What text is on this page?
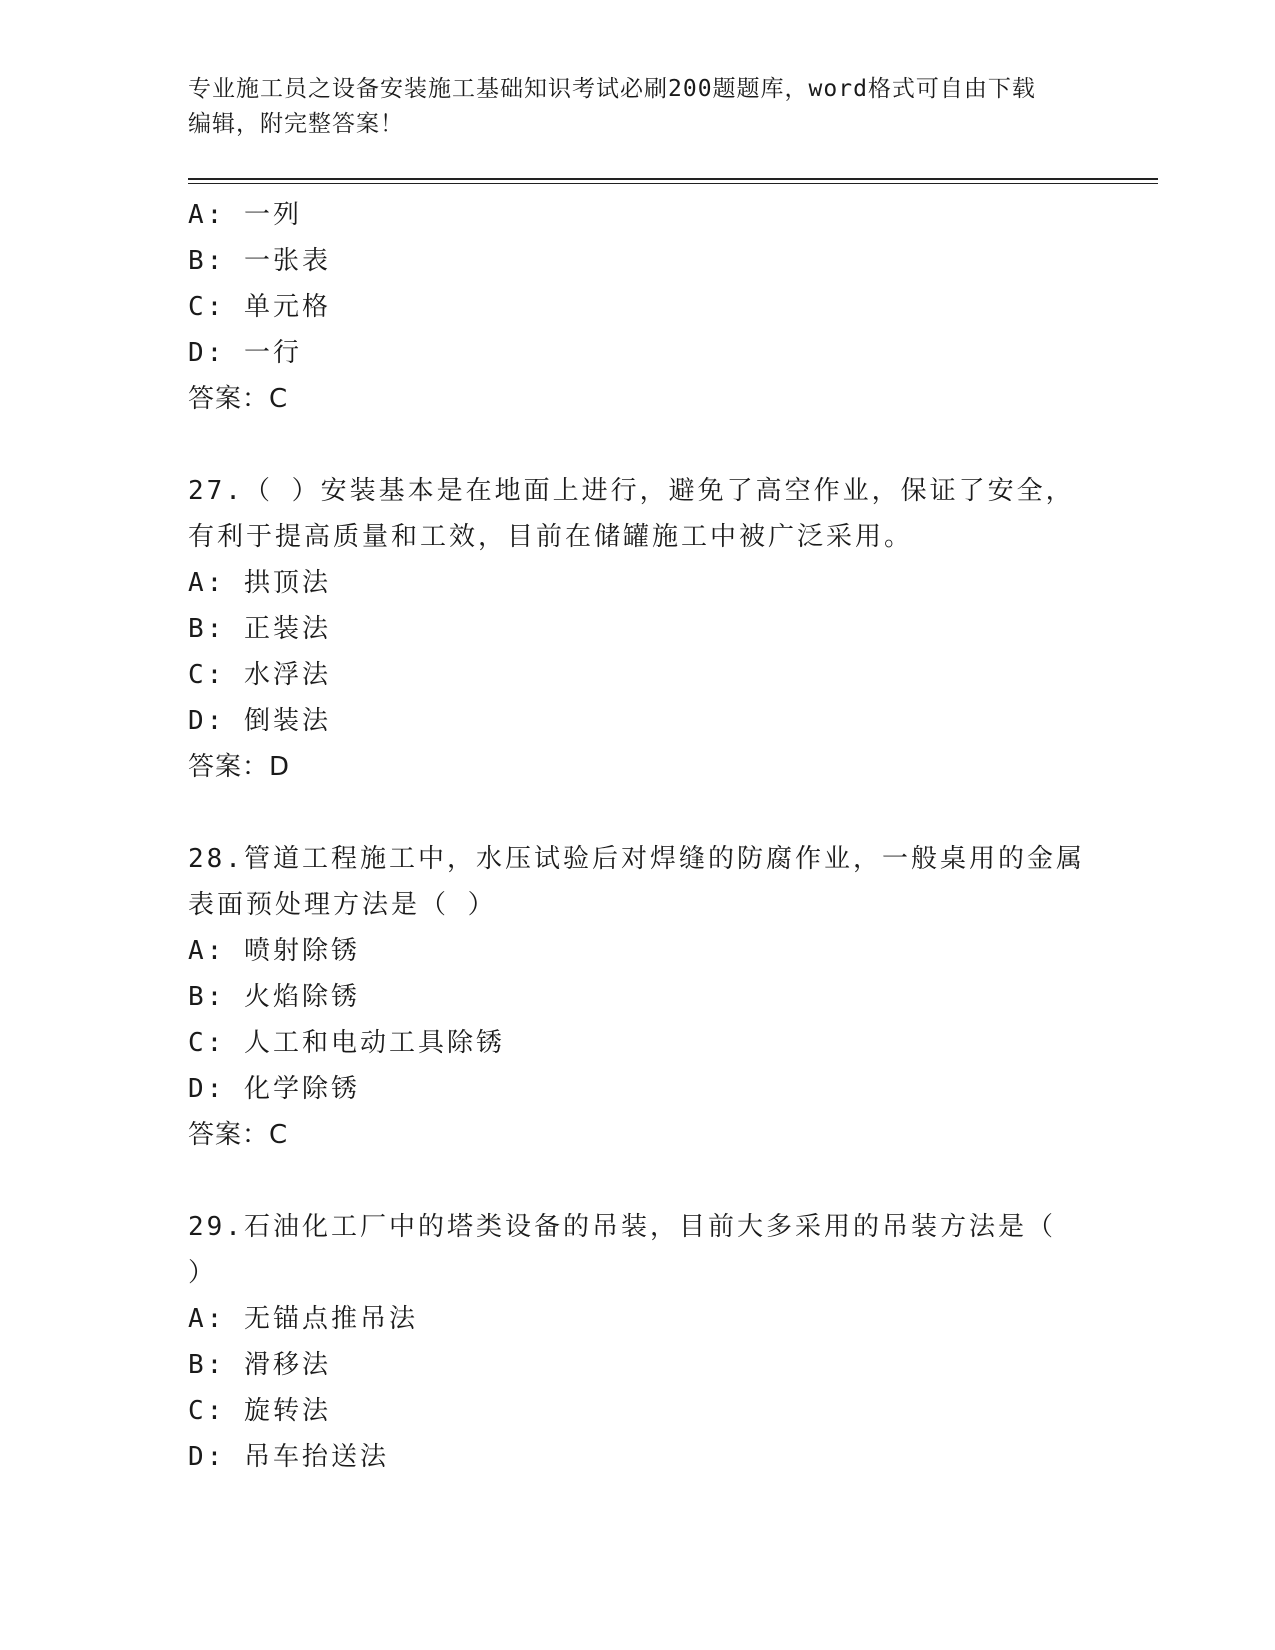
专业施工员之设备安装施工基础知识考试必刷200题题库，word格式可自由下载
编辑，附完整答案！
A: 一列
B: 一张表
C: 单元格
D: 一行
答案：C
27.（ ）安装基本是在地面上进行，避免了高空作业，保证了安全，
有利于提高质量和工效，目前在储罐施工中被广泛采用。
A: 拱顶法
B: 正装法
C: 水浮法
D: 倒装法
答案：D
28.管道工程施工中，水压试验后对焊缝的防腐作业，一般桌用的金属
表面预处理方法是（ ）
A: 喷射除锈
B: 火焰除锈
C: 人工和电动工具除锈
D: 化学除锈
答案：C
29.石油化工厂中的塔类设备的吊装，目前大多采用的吊装方法是（
）
A: 无锚点推吊法
B: 滑移法
C: 旋转法
D: 吊车抬送法
